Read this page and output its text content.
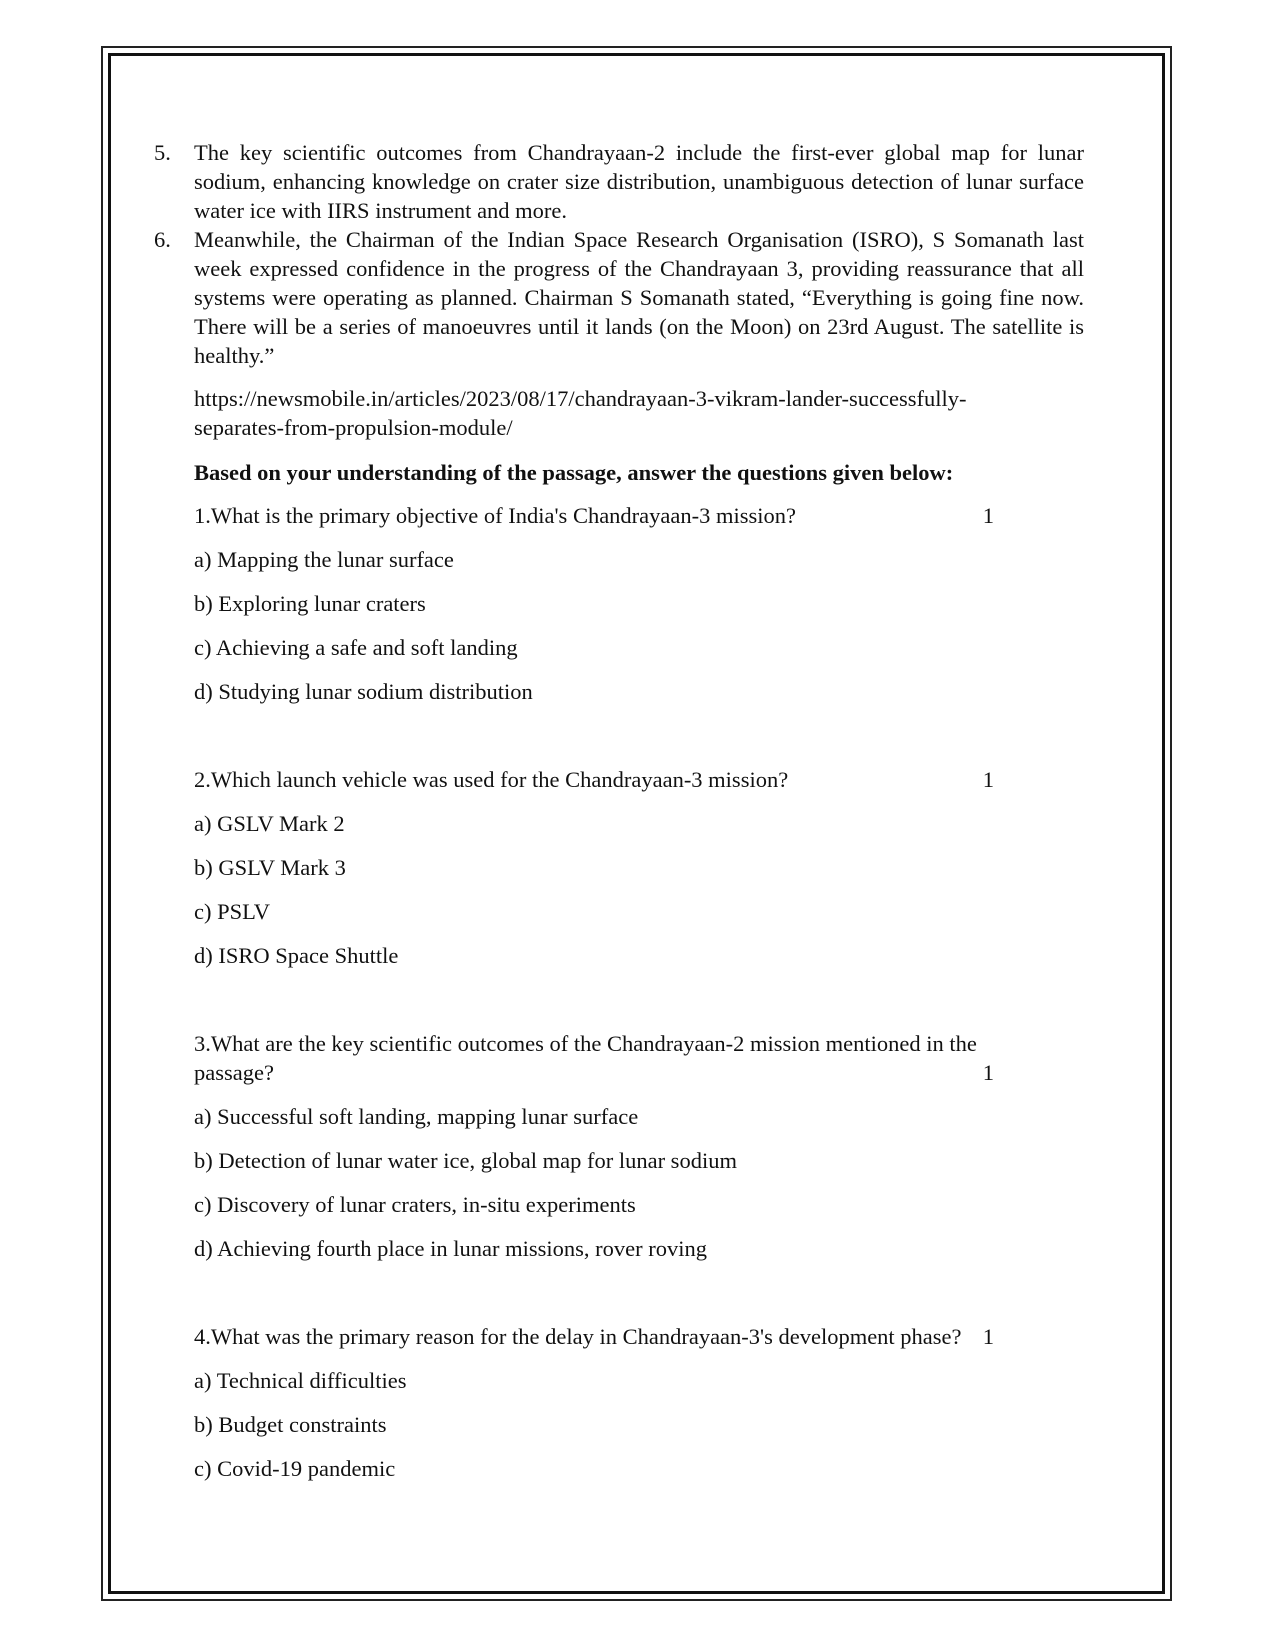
5. The key scientific outcomes from Chandrayaan-2 include the first-ever global map for lunar sodium, enhancing knowledge on crater size distribution, unambiguous detection of lunar surface water ice with IIRS instrument and more.
6. Meanwhile, the Chairman of the Indian Space Research Organisation (ISRO), S Somanath last week expressed confidence in the progress of the Chandrayaan 3, providing reassurance that all systems were operating as planned. Chairman S Somanath stated, “Everything is going fine now. There will be a series of manoeuvres until it lands (on the Moon) on 23rd August. The satellite is healthy.”
https://newsmobile.in/articles/2023/08/17/chandrayaan-3-vikram-lander-successfully-
separates-from-propulsion-module/
Based on your understanding of the passage, answer the questions given below:
1.What is the primary objective of India's Chandrayaan-3 mission?	1
a) Mapping the lunar surface
b) Exploring lunar craters
c) Achieving a safe and soft landing
d) Studying lunar sodium distribution
2.Which launch vehicle was used for the Chandrayaan-3 mission?	1
a) GSLV Mark 2
b) GSLV Mark 3
c) PSLV
d) ISRO Space Shuttle
3.What are the key scientific outcomes of the Chandrayaan-2 mission mentioned in the passage?	1
a) Successful soft landing, mapping lunar surface
b) Detection of lunar water ice, global map for lunar sodium
c) Discovery of lunar craters, in-situ experiments
d) Achieving fourth place in lunar missions, rover roving
4.What was the primary reason for the delay in Chandrayaan-3's development phase? 1
a) Technical difficulties
b) Budget constraints
c) Covid-19 pandemic
